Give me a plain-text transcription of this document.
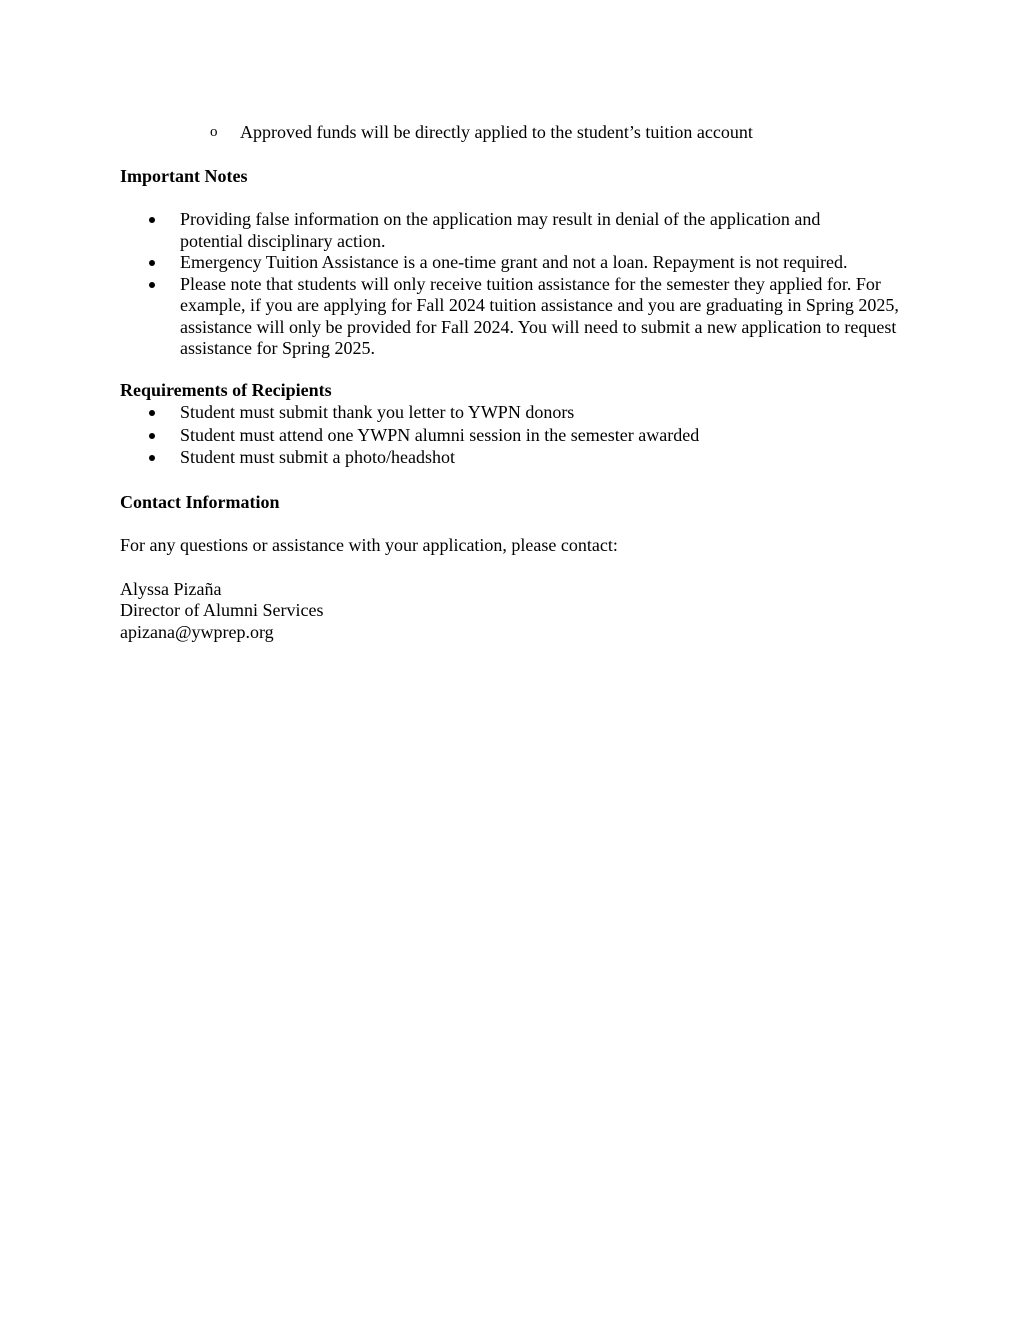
o Approved funds will be directly applied to the student’s tuition account
Important Notes
Providing false information on the application may result in denial of the application and potential disciplinary action.
Emergency Tuition Assistance is a one-time grant and not a loan. Repayment is not required.
Please note that students will only receive tuition assistance for the semester they applied for. For example, if you are applying for Fall 2024 tuition assistance and you are graduating in Spring 2025, assistance will only be provided for Fall 2024. You will need to submit a new application to request assistance for Spring 2025.
Requirements of Recipients
Student must submit thank you letter to YWPN donors
Student must attend one YWPN alumni session in the semester awarded
Student must submit a photo/headshot
Contact Information

For any questions or assistance with your application, please contact:

Alyssa Pizaña

Director of Alumni Services

apizana@ywprep.org
